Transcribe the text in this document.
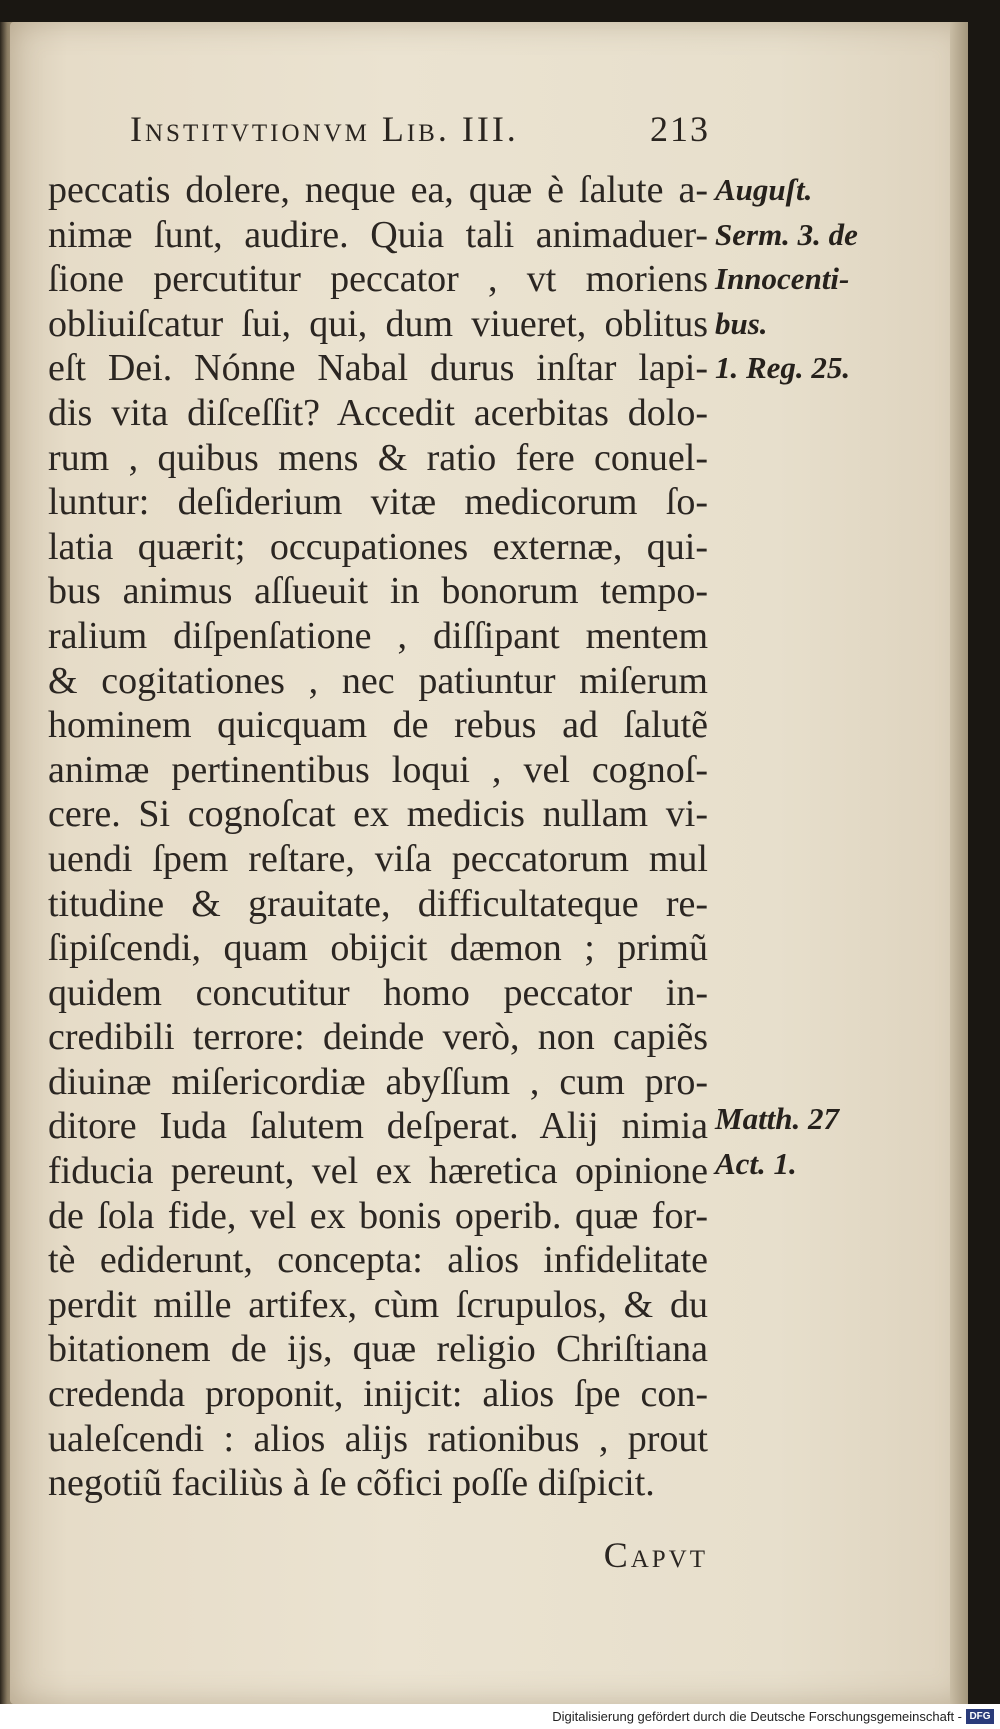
Institvtionvm Lib. III.	213
peccatis dolere, neque ea, quæ è ſalute a-
nimæ ſunt, audire. Quia tali animaduer-
ſione percutitur peccator , vt moriens
obliuiſcatur ſui, qui, dum viueret, oblitus
eſt Dei. Nónne Nabal durus inſtar lapi-
dis vita diſceſſit? Accedit acerbitas dolo-
rum , quibus mens & ratio fere conuel-
luntur: deſiderium vitæ medicorum ſo-
latia quærit; occupationes externæ, qui-
bus animus aſſueuit in bonorum tempo-
ralium diſpenſatione , diſſipant mentem
& cogitationes , nec patiuntur miſerum
hominem quicquam de rebus ad ſalutẽ
animæ pertinentibus loqui , vel cognoſ-
cere. Si cognoſcat ex medicis nullam vi-
uendi ſpem reſtare, viſa peccatorum mul
titudine & grauitate, difficultateque re-
ſipiſcendi, quam obijcit dæmon ; primũ
quidem concutitur homo peccator in-
credibili terrore: deinde verò, non capiẽs
diuinæ miſericordiæ abyſſum , cum pro-
ditore Iuda ſalutem deſperat. Alij nimia
fiducia pereunt, vel ex hæretica opinione
de ſola fide, vel ex bonis operib. quæ for-
tè ediderunt, concepta: alios infidelitate
perdit mille artifex, cùm ſcrupulos, & du
bitationem de ijs, quæ religio Chriſtiana
credenda proponit, inijcit: alios ſpe con-
ualeſcendi : alios alijs rationibus , prout
negotiũ faciliùs à ſe cõfici poſſe diſpicit.
Auguſt.
Serm. 3. de
Innocenti-
bus.
1. Reg. 25.
Matth. 27
Act. 1.
Capvt
Digitalisierung gefördert durch die Deutsche Forschungsgemeinschaft - DFG
